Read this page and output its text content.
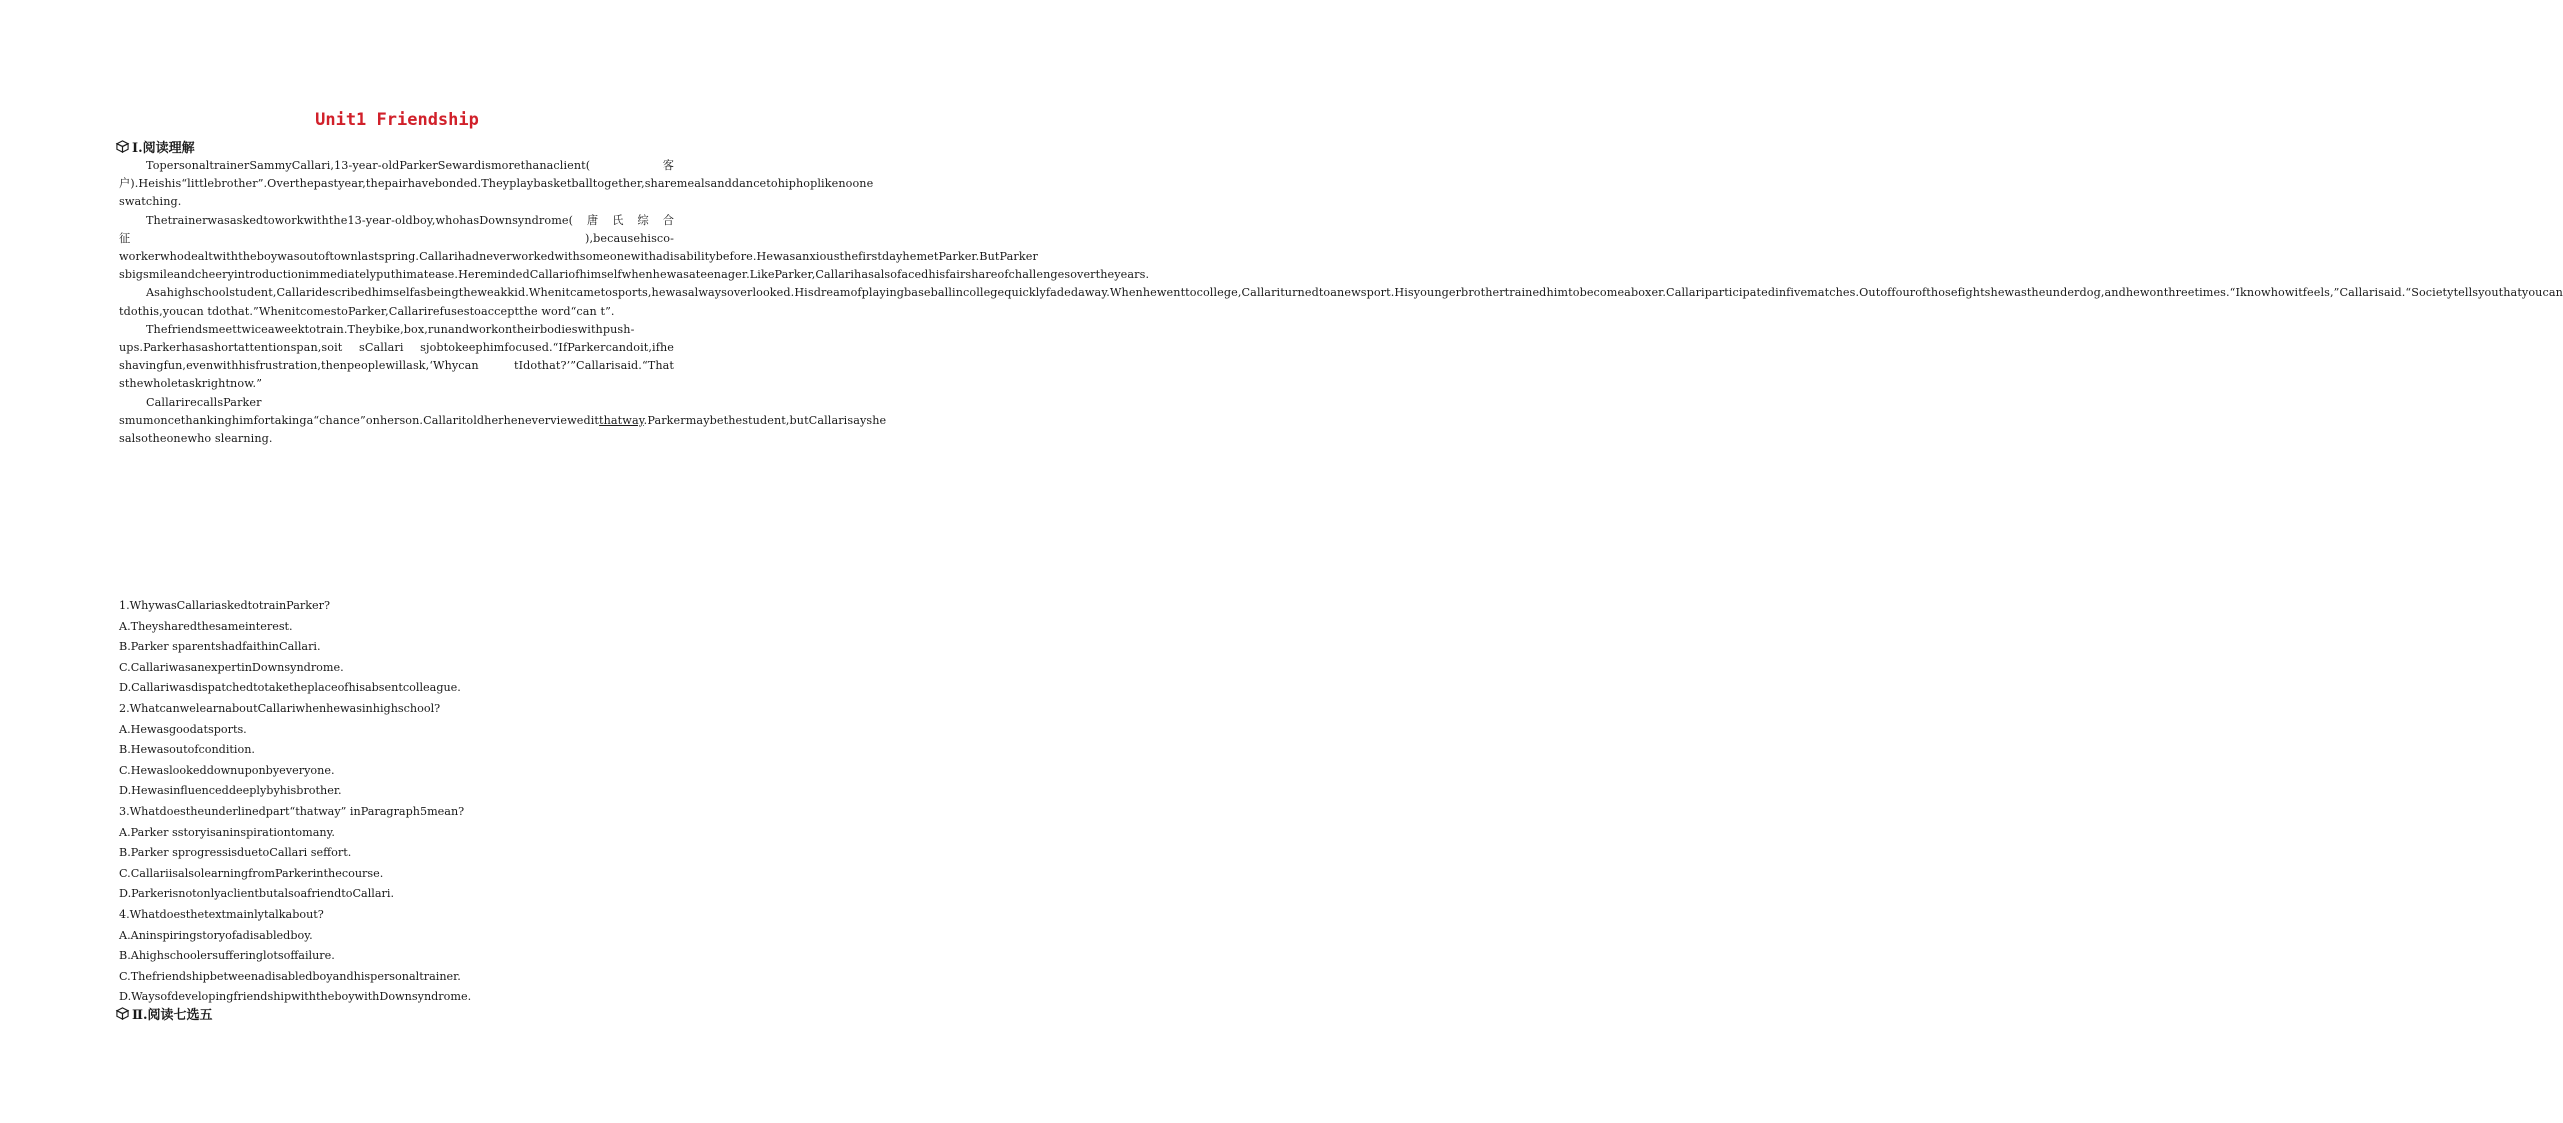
Unit1 Friendship
Ⅰ.阅读理解

TopersonaltrainerSammyCallari,13-year-oldParkerSewardismorethanaclient(客户).Heishis“littlebrother”.Overthepastyear,thepairhavebonded.Theyplaybasketballtogether,sharemealsanddancetohiphoplikenoone swatching.

Thetrainerwasaskedtoworkwiththe13-year-oldboy,whohasDownsyndrome(唐氏综合征),becausehisco-workerwhodealtwiththeboywasoutoftownlastspring.Callarihadneverworkedwithsomeonewithadisabilitybefore.HewasanxiousthefirstdayhemetParker.ButParker sbigsmileandcheeryintroductionimmediatelyputhimatease.HeremindedCallariofhimselfwhenhewasateenager.LikeParker,Callarihasalsofacedhisfairshareofchallengesovertheyears.

Asahighschoolstudent,Callaridescribedhimselfasbeingtheweakkid.Whenitcametosports,hewasalwaysoverlooked.Hisdreamofplayingbaseballincollegequicklyfadedaway.Whenhewenttocollege,Callariturnedtoanewsport.Hisyoungerbrothertrainedhimtobecomeaboxer.Callariparticipatedinfivematches.Outoffourofthosefightshewastheunderdog,andhewonthreetimes.“Iknowhowitfeels,”Callarisaid.“Societytellsyouthatyoucan tdothis,youcan tdothat.”WhenitcomestoParker,Callarirefusestoacceptthe word“can t”.

Thefriendsmeettwiceaweektotrain.Theybike,box,runandworkontheirbodieswithpush-ups.Parkerhasashortattentionspan,soit sCallari sjobtokeephimfocused.“IfParkercandoit,ifhe shavingfun,evenwithhisfrustration,thenpeoplewillask,‘Whycan tIdothat?’”Callarisaid.“That sthewholetaskrightnow.”

CallarirecallsParker smumoncethankinghimfortakinga“chance”onherson.Callaritoldherhenevervieweditthatway.Parkermaybethestudent,butCallarisayshe salsotheonewho slearning.

1.WhywasCallariaskedtotrainParker?
A.Theysharedthesameinterest.
B.Parker sparentshadfaithinCallari.
C.CallariwasanexpertinDownsyndrome.
D.Callariwasdispatchedtotaketheplaceofhisabsentcolleague.
2.WhatcanwelearnaboutCallariwhenhewasinhighschool?
A.Hewasgoodatsports.
B.Hewasoutofcondition.
C.Hewaslookeddownuponbyeveryone.
D.Hewasinfluenceddeeplybyhisbrother.
3.Whatdoestheunderlinedpart“thatway” inParagraph5mean?
A.Parker sstoryisaninspirationtomany.
B.Parker sprogressisduetoCallari seffort.
C.CallariisalsolearningfromParkerinthecourse.
D.ParkerisnotonlyaclientbutalsoafriendtoCallari.
4.Whatdoesthetextmainlytalkabout?
A.Aninspiringstoryofadisabledboy.
B.Ahighschoolersufferinglotsoffailure.
C.Thefriendshipbetweenadisabledboyandhispersonaltrainer.
D.WaysofdevelopingfriendshipwiththeboywithDownsyndrome.
Ⅱ.阅读七选五
